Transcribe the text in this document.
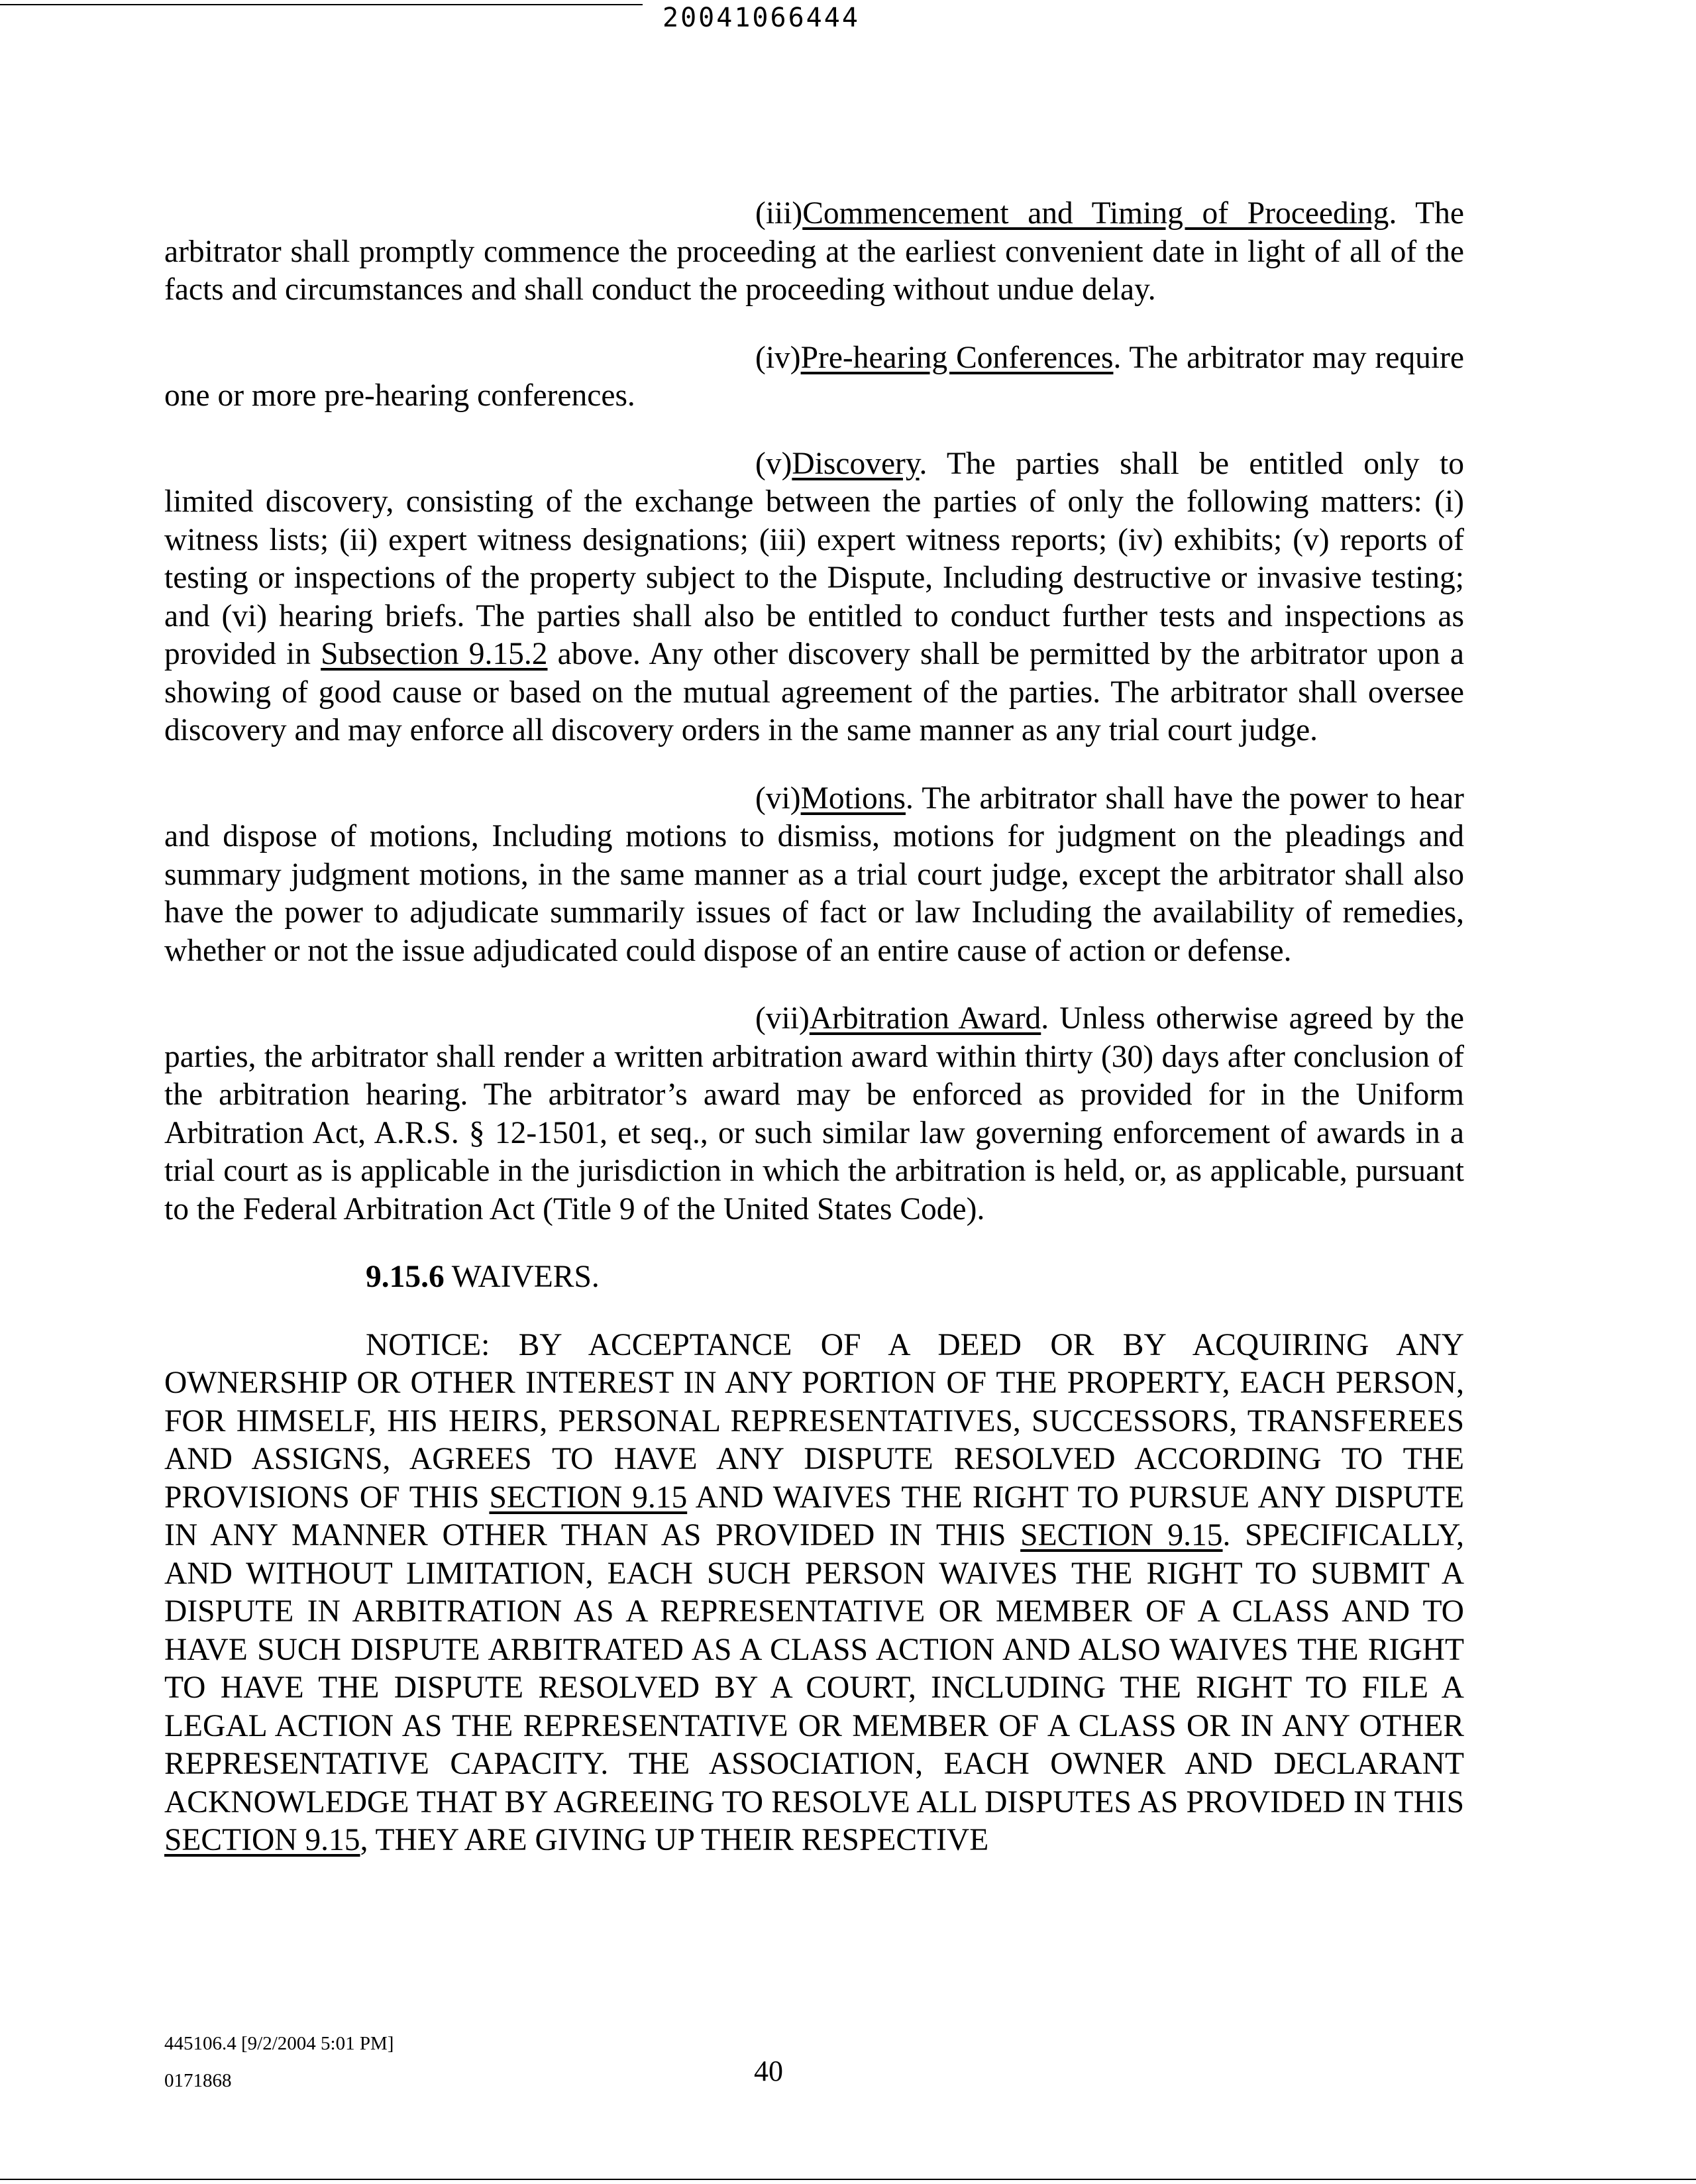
20041066444

(iii)Commencement and Timing of Proceeding. The arbitrator shall promptly commence the proceeding at the earliest convenient date in light of all of the facts and circumstances and shall conduct the proceeding without undue delay.

(iv)Pre-hearing Conferences. The arbitrator may require one or more pre-hearing conferences.

(v)Discovery. The parties shall be entitled only to limited discovery, consisting of the exchange between the parties of only the following matters: (i) witness lists; (ii) expert witness designations; (iii) expert witness reports; (iv) exhibits; (v) reports of testing or inspections of the property subject to the Dispute, Including destructive or invasive testing; and (vi) hearing briefs. The parties shall also be entitled to conduct further tests and inspections as provided in Subsection 9.15.2 above. Any other discovery shall be permitted by the arbitrator upon a showing of good cause or based on the mutual agreement of the parties. The arbitrator shall oversee discovery and may enforce all discovery orders in the same manner as any trial court judge.

(vi)Motions. The arbitrator shall have the power to hear and dispose of motions, Including motions to dismiss, motions for judgment on the pleadings and summary judgment motions, in the same manner as a trial court judge, except the arbitrator shall also have the power to adjudicate summarily issues of fact or law Including the availability of remedies, whether or not the issue adjudicated could dispose of an entire cause of action or defense.

(vii)Arbitration Award. Unless otherwise agreed by the parties, the arbitrator shall render a written arbitration award within thirty (30) days after conclusion of the arbitration hearing. The arbitrator’s award may be enforced as provided for in the Uniform Arbitration Act, A.R.S. § 12-1501, et seq., or such similar law governing enforcement of awards in a trial court as is applicable in the jurisdiction in which the arbitration is held, or, as applicable, pursuant to the Federal Arbitration Act (Title 9 of the United States Code).

9.15.6 WAIVERS.

NOTICE: BY ACCEPTANCE OF A DEED OR BY ACQUIRING ANY OWNERSHIP OR OTHER INTEREST IN ANY PORTION OF THE PROPERTY, EACH PERSON, FOR HIMSELF, HIS HEIRS, PERSONAL REPRESENTATIVES, SUCCESSORS, TRANSFEREES AND ASSIGNS, AGREES TO HAVE ANY DISPUTE RESOLVED ACCORDING TO THE PROVISIONS OF THIS SECTION 9.15 AND WAIVES THE RIGHT TO PURSUE ANY DISPUTE IN ANY MANNER OTHER THAN AS PROVIDED IN THIS SECTION 9.15. SPECIFICALLY, AND WITHOUT LIMITATION, EACH SUCH PERSON WAIVES THE RIGHT TO SUBMIT A DISPUTE IN ARBITRATION AS A REPRESENTATIVE OR MEMBER OF A CLASS AND TO HAVE SUCH DISPUTE ARBITRATED AS A CLASS ACTION AND ALSO WAIVES THE RIGHT TO HAVE THE DISPUTE RESOLVED BY A COURT, INCLUDING THE RIGHT TO FILE A LEGAL ACTION AS THE REPRESENTATIVE OR MEMBER OF A CLASS OR IN ANY OTHER REPRESENTATIVE CAPACITY. THE ASSOCIATION, EACH OWNER AND DECLARANT ACKNOWLEDGE THAT BY AGREEING TO RESOLVE ALL DISPUTES AS PROVIDED IN THIS SECTION 9.15, THEY ARE GIVING UP THEIR RESPECTIVE

445106.4 [9/2/2004 5:01 PM]
0171868	40
